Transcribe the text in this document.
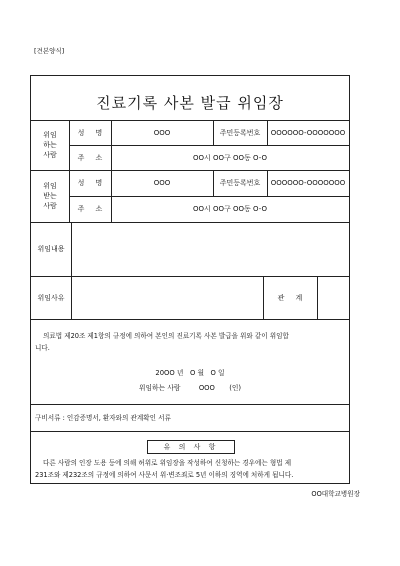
[견본양식]
진료기록 사본 발급 위임장
위임
하는
사람
성     명	OOO	주민등록번호	OOOOOO-OOOOOOO
주     소	OO시 OO구 OO동 O-O
위임
받는
사람
성     명	OOO	주민등록번호	OOOOOO-OOOOOOO
주     소	OO시 OO구 OO동 O-O
위임내용
위임사유	관     계
의료법 제20조 제1항의 규정에 의하여 본인의 진료기록 사본 발급을 위와 같이 위임합
니다.
20OO 년   O 월   O 일
위임하는 사람	OOO (인)
구비서류 : 인감증명서, 환자와의 관계확인 서류
유 의 사 항
다른 사람의 인장 도용 등에 의해 허위로 위임장을 작성하여 신청하는 경우에는 형법 제
231조와 제232조의 규정에 의하여 사문서 위·변조죄로 5년 이하의 징역에 처하게 됩니다.
OO대학교병원장
